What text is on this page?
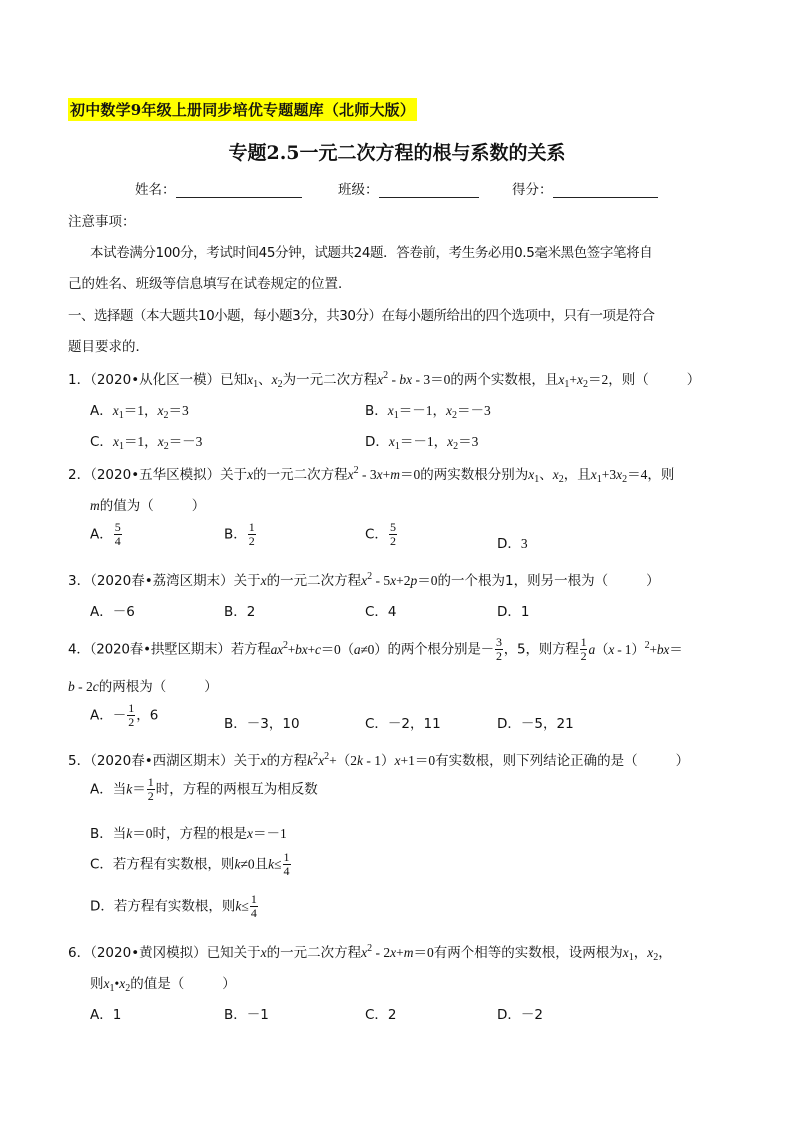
初中数学9年级上册同步培优专题题库（北师大版）
专题2.5一元二次方程的根与系数的关系
姓名：	班级：	得分：
注意事项：
本试卷满分100分，考试时间45分钟，试题共24题．答卷前，考生务必用0.5毫米黑色签字笔将自
己的姓名、班级等信息填写在试卷规定的位置．
一、选择题（本大题共10小题，每小题3分，共30分）在每小题所给出的四个选项中，只有一项是符合
题目要求的．
1．（2020•从化区一模）已知$x_1$、$x_2$为一元二次方程$x^2$ - bx - 3＝0的两个实数根，且$x_1+x_2=2$，则（	）
A．$x_1=1$，$x_2=3$	B．$x_1=-1$，$x_2=-3$
C．$x_1=1$，$x_2=-3$	D．$x_1=-1$，$x_2=3$
2．（2020•五华区模拟）关于x的一元二次方程$x^2 - 3x+m=0$的两实数根分别为$x_1$、$x_2$，且$x_1+3x_2=4$，则
m的值为（	）
A． $\frac{5}{4}$	B． $\frac{1}{2}$	C． $\frac{5}{2}$	D．3
3．（2020春•荔湾区期末）关于x的一元二次方程$x^2 - 5x+2p=0$的一个根为1，则另一根为（	）
A．－6	B．2	C．4	D．1
4．（2020春•拱墅区期末）若方程$ax^2+bx+c=0(a\ne 0)$的两个根分别是－ $\frac{3}{2}$ ，5，则方程 $\frac{1}{2} a(x - 1)^2+bx=$
b - 2c的两根为（	）
A．－ $\frac{1}{2}$ ，6
B．－3，10	C．－2，11	D．－5，21
5．（2020春•西湖区期末）关于x的方程$k^2x^2+(2k - 1)x+1=0$有实数根，则下列结论正确的是（	）
A．当$k= \frac{1}{2}$ 时，方程的两根互为相反数
B．当k＝0时，方程的根是x＝－1
C．若方程有实数根，则k≠0且$k\le \frac{1}{4}$
D．若方程有实数根，则$k\le \frac{1}{4}$
6．（2020•黄冈模拟）已知关于x的一元二次方程$x^2 - 2x+m=0$有两个相等的实数根，设两根为$x_1$，$x_2$，
则$x_1•x_2$的值是（	）
A．1	B．－1	C．2	D．－2
